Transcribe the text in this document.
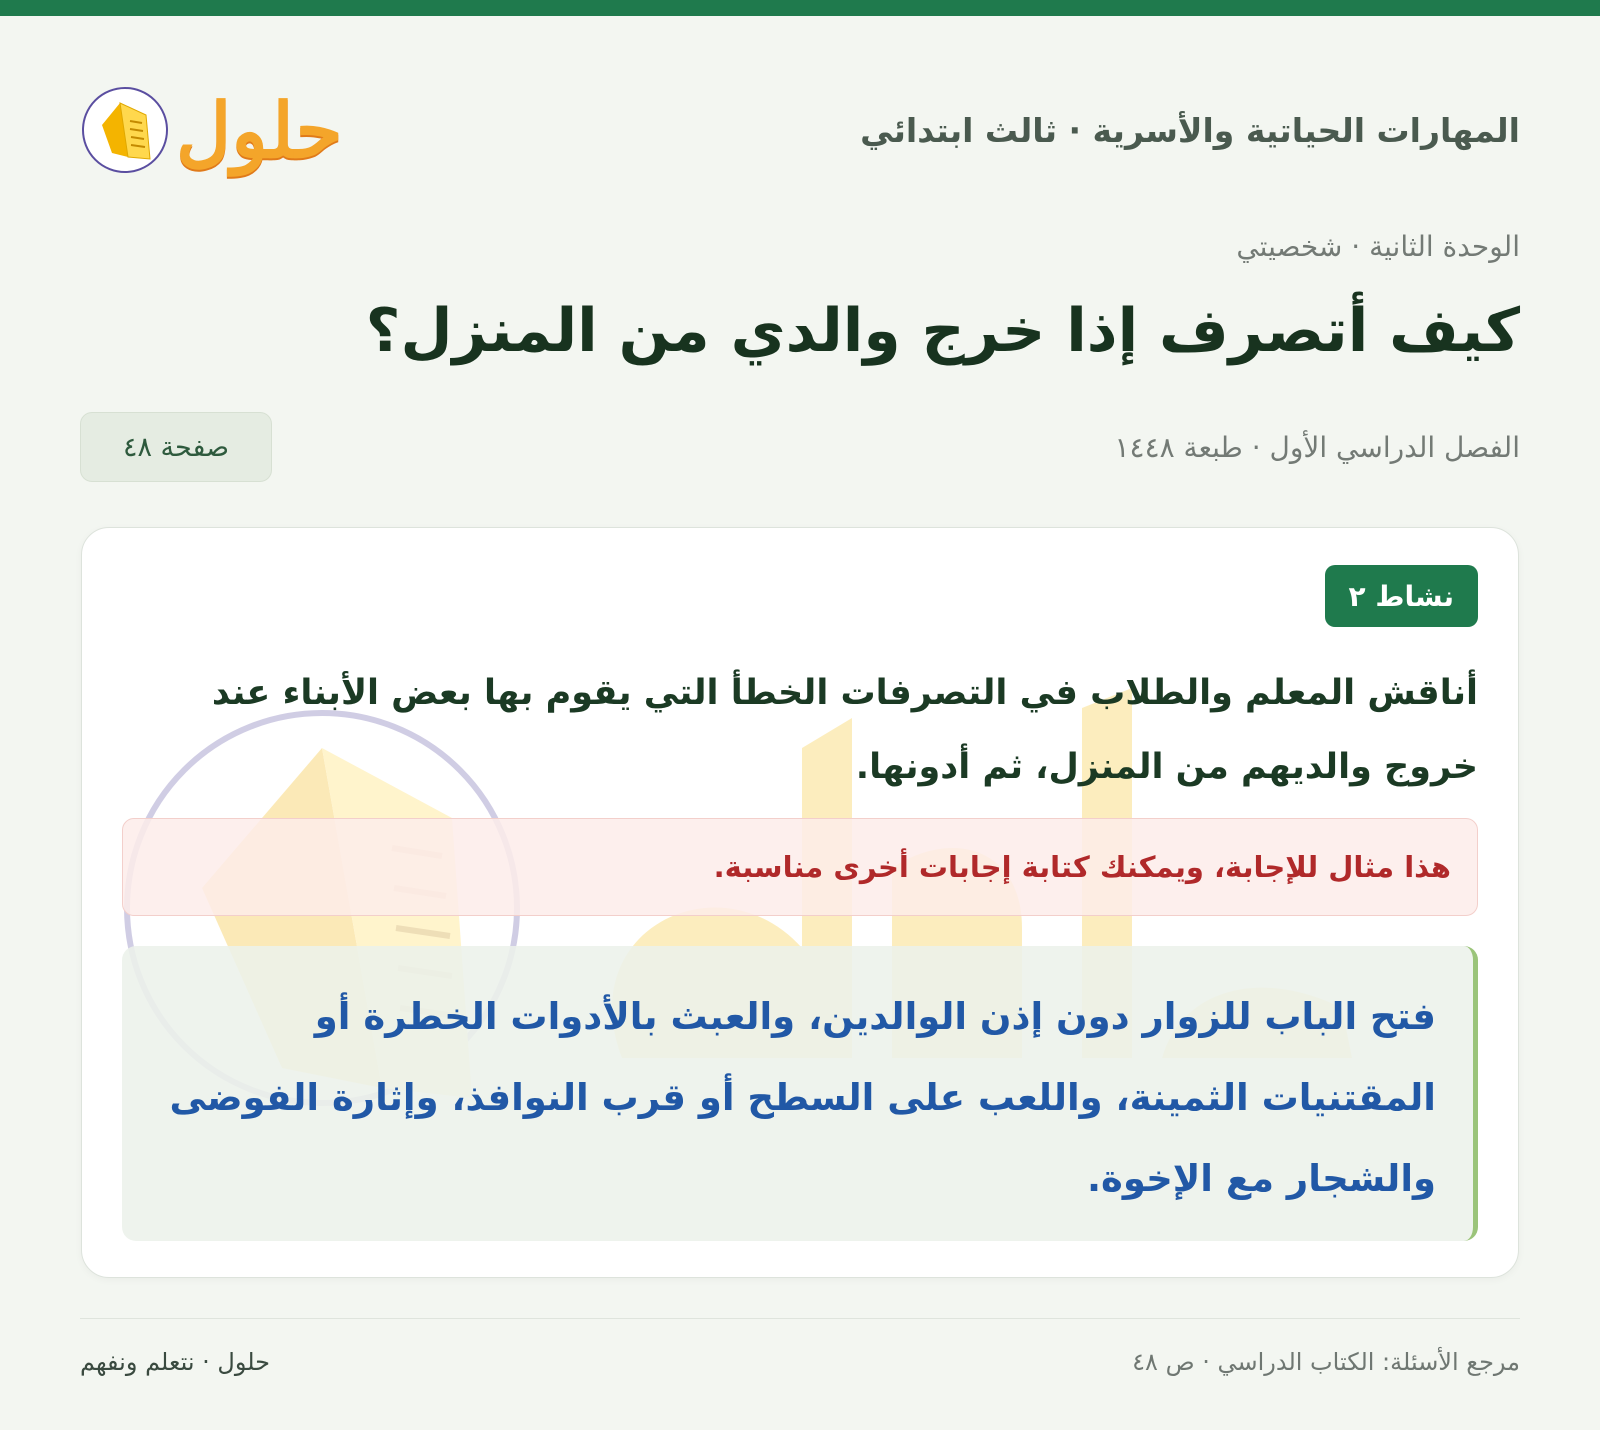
المهارات الحياتية والأسرية · ثالث ابتدائي
حلول
الوحدة الثانية · شخصيتي
كيف أتصرف إذا خرج والدي من المنزل؟
الفصل الدراسي الأول · طبعة ١٤٤٨
صفحة ٤٨
نشاط ٢

أناقش المعلم والطلاب في التصرفات الخطأ التي يقوم بها بعض الأبناء عند خروج والديهم من المنزل، ثم أدونها.

هذا مثال للإجابة، ويمكنك كتابة إجابات أخرى مناسبة.
فتح الباب للزوار دون إذن الوالدين، والعبث بالأدوات الخطرة أو المقتنيات الثمينة، واللعب على السطح أو قرب النوافذ، وإثارة الفوضى والشجار مع الإخوة.
مرجع الأسئلة: الكتاب الدراسي · ص ٤٨
حلول · نتعلم ونفهم
